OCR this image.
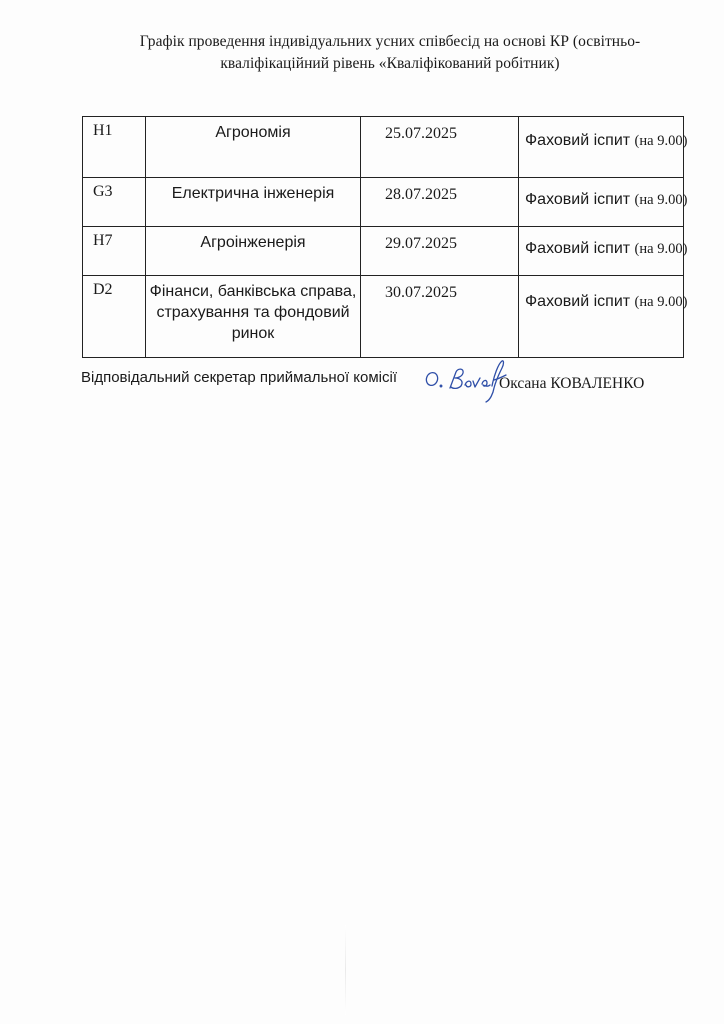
Графік проведення індивідуальних усних співбесід на основі КР (освітньо-
кваліфікаційний рівень «Кваліфікований робітник)
H1	Агрономія	25.07.2025	Фаховий іспит (на 9.00)
G3	Електрична інженерія	28.07.2025	Фаховий іспит (на 9.00)
H7	Агроінженерія	29.07.2025	Фаховий іспит (на 9.00)
D2	Фінанси, банківська справа, страхування та фондовий ринок	30.07.2025	Фаховий іспит (на 9.00)
Відповідальний секретар приймальної комісії	Оксана КОВАЛЕНКО
